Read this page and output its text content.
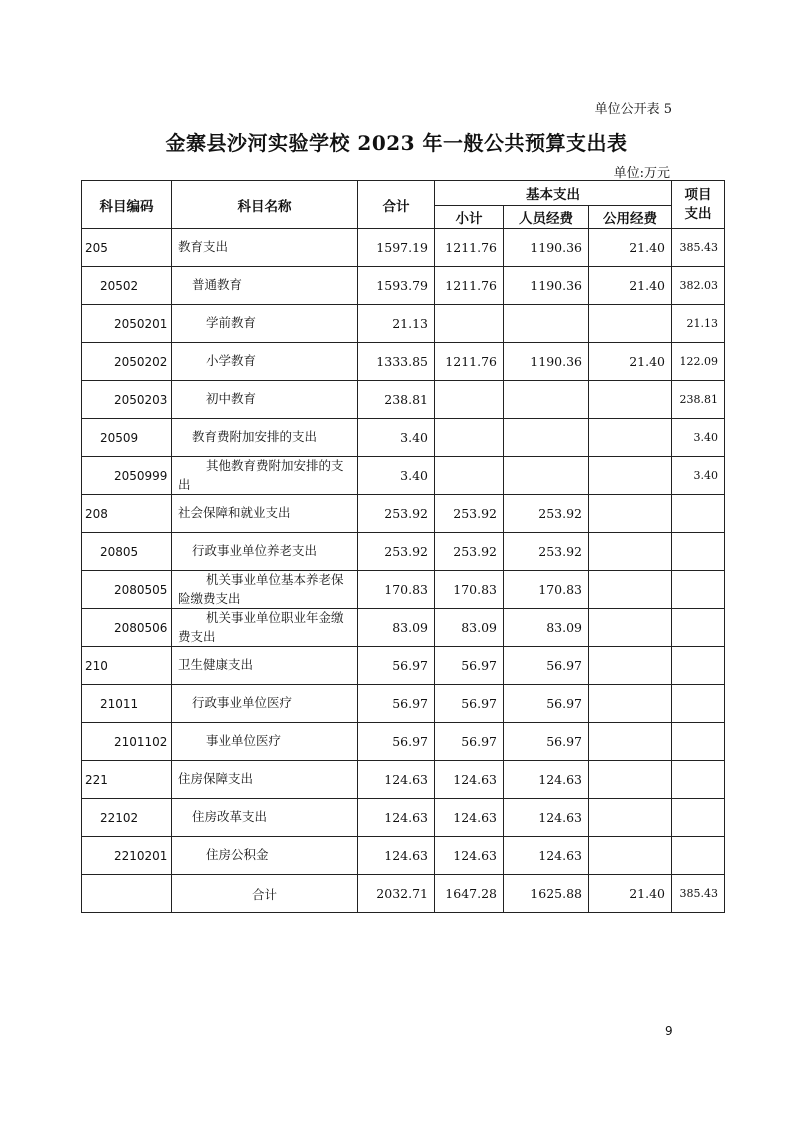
单位公开表 5
金寨县沙河实验学校 2023 年一般公共预算支出表
单位:万元
科目编码	科目名称	合计	基本支出			项目支出
			小计	人员经费	公用经费	
205	教育支出	1597.19	1211.76	1190.36	21.40	385.43
20502	普通教育	1593.79	1211.76	1190.36	21.40	382.03
2050201	学前教育	21.13				21.13
2050202	小学教育	1333.85	1211.76	1190.36	21.40	122.09
2050203	初中教育	238.81				238.81
20509	教育费附加安排的支出	3.40				3.40
2050999	其他教育费附加安排的支出	3.40				3.40
208	社会保障和就业支出	253.92	253.92	253.92		
20805	行政事业单位养老支出	253.92	253.92	253.92		
2080505	机关事业单位基本养老保险缴费支出	170.83	170.83	170.83		
2080506	机关事业单位职业年金缴费支出	83.09	83.09	83.09		
210	卫生健康支出	56.97	56.97	56.97		
21011	行政事业单位医疗	56.97	56.97	56.97		
2101102	事业单位医疗	56.97	56.97	56.97		
221	住房保障支出	124.63	124.63	124.63		
22102	住房改革支出	124.63	124.63	124.63		
2210201	住房公积金	124.63	124.63	124.63		
	合计	2032.71	1647.28	1625.88	21.40	385.43
9
